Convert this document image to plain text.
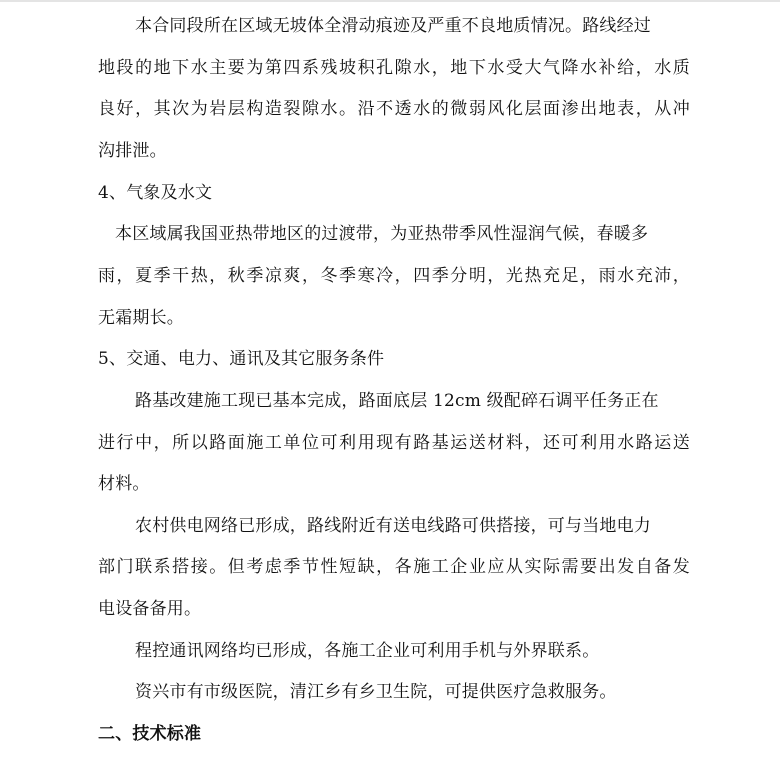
本合同段所在区域无坡体全滑动痕迹及严重不良地质情况。路线经过
地段的地下水主要为第四系残坡积孔隙水，地下水受大气降水补给，水质
良好，其次为岩层构造裂隙水。沿不透水的微弱风化层面渗出地表，从冲
沟排泄。
4、气象及水文
本区域属我国亚热带地区的过渡带，为亚热带季风性湿润气候，春暖多
雨，夏季干热，秋季凉爽，冬季寒冷，四季分明，光热充足，雨水充沛，
无霜期长。
5、交通、电力、通讯及其它服务条件
路基改建施工现已基本完成，路面底层 12cm 级配碎石调平任务正在
进行中，所以路面施工单位可利用现有路基运送材料，还可利用水路运送
材料。
农村供电网络已形成，路线附近有送电线路可供搭接，可与当地电力
部门联系搭接。但考虑季节性短缺，各施工企业应从实际需要出发自备发
电设备备用。
程控通讯网络均已形成，各施工企业可利用手机与外界联系。
资兴市有市级医院，清江乡有乡卫生院，可提供医疗急救服务。
二、技术标准
